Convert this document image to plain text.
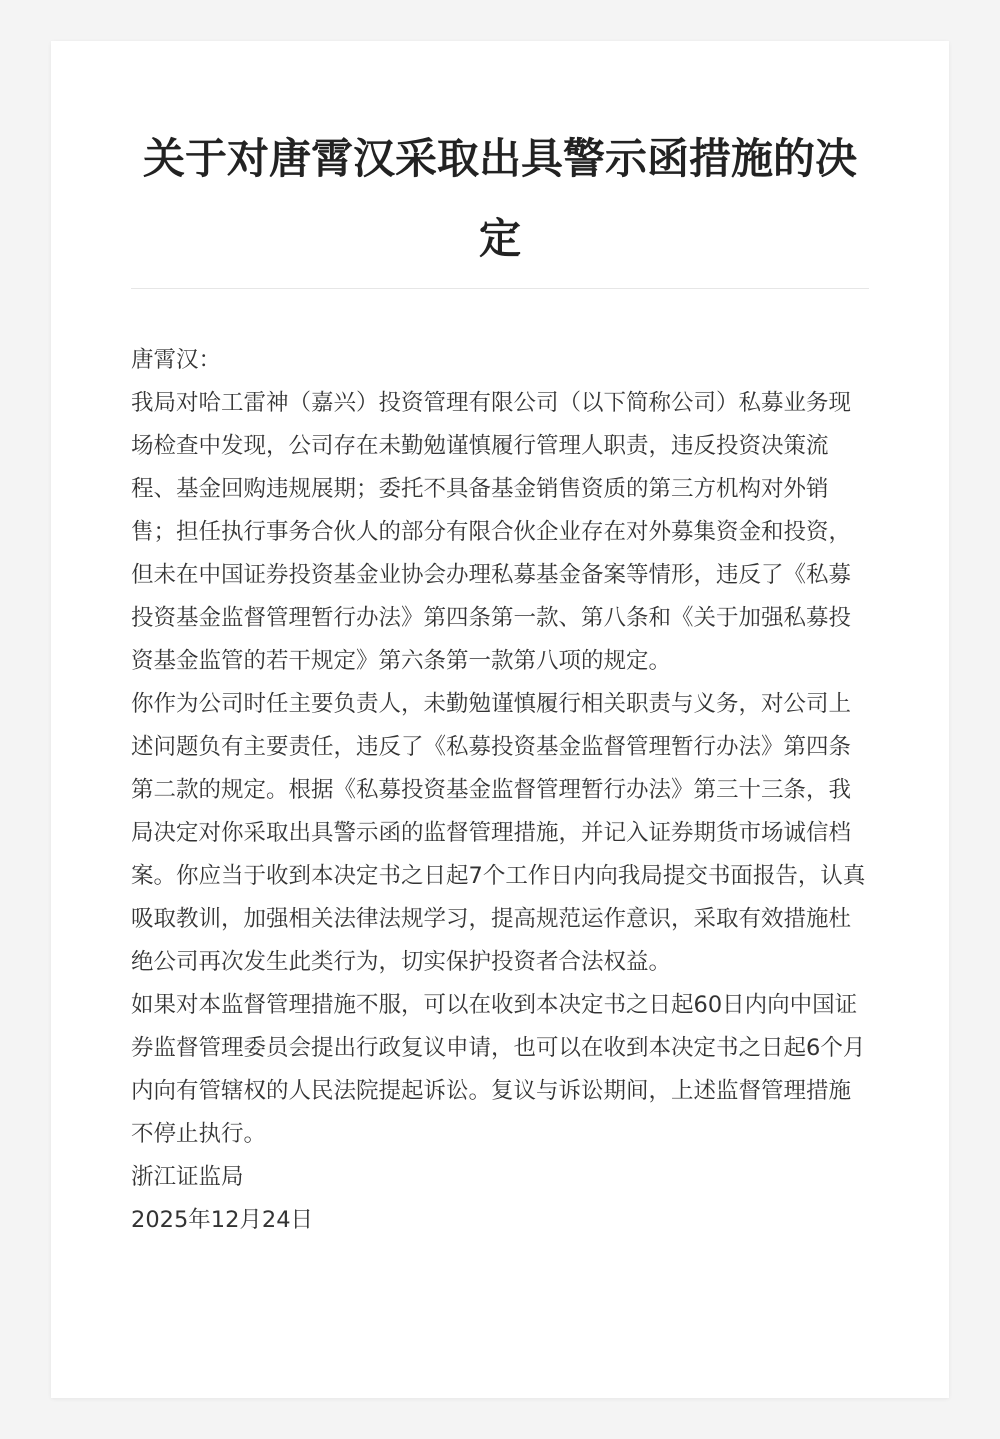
关于对唐霄汉采取出具警示函措施的决定

唐霄汉：

我局对哈工雷神（嘉兴）投资管理有限公司（以下简称公司）私募业务现场检查中发现，公司存在未勤勉谨慎履行管理人职责，违反投资决策流程、基金回购违规展期；委托不具备基金销售资质的第三方机构对外销售；担任执行事务合伙人的部分有限合伙企业存在对外募集资金和投资，但未在中国证券投资基金业协会办理私募基金备案等情形，违反了《私募投资基金监督管理暂行办法》第四条第一款、第八条和《关于加强私募投资基金监管的若干规定》第六条第一款第八项的规定。

你作为公司时任主要负责人，未勤勉谨慎履行相关职责与义务，对公司上述问题负有主要责任，违反了《私募投资基金监督管理暂行办法》第四条第二款的规定。根据《私募投资基金监督管理暂行办法》第三十三条，我局决定对你采取出具警示函的监督管理措施，并记入证券期货市场诚信档案。你应当于收到本决定书之日起7个工作日内向我局提交书面报告，认真吸取教训，加强相关法律法规学习，提高规范运作意识，采取有效措施杜绝公司再次发生此类行为，切实保护投资者合法权益。

如果对本监督管理措施不服，可以在收到本决定书之日起60日内向中国证券监督管理委员会提出行政复议申请，也可以在收到本决定书之日起6个月内向有管辖权的人民法院提起诉讼。复议与诉讼期间，上述监督管理措施不停止执行。

浙江证监局

2025年12月24日
